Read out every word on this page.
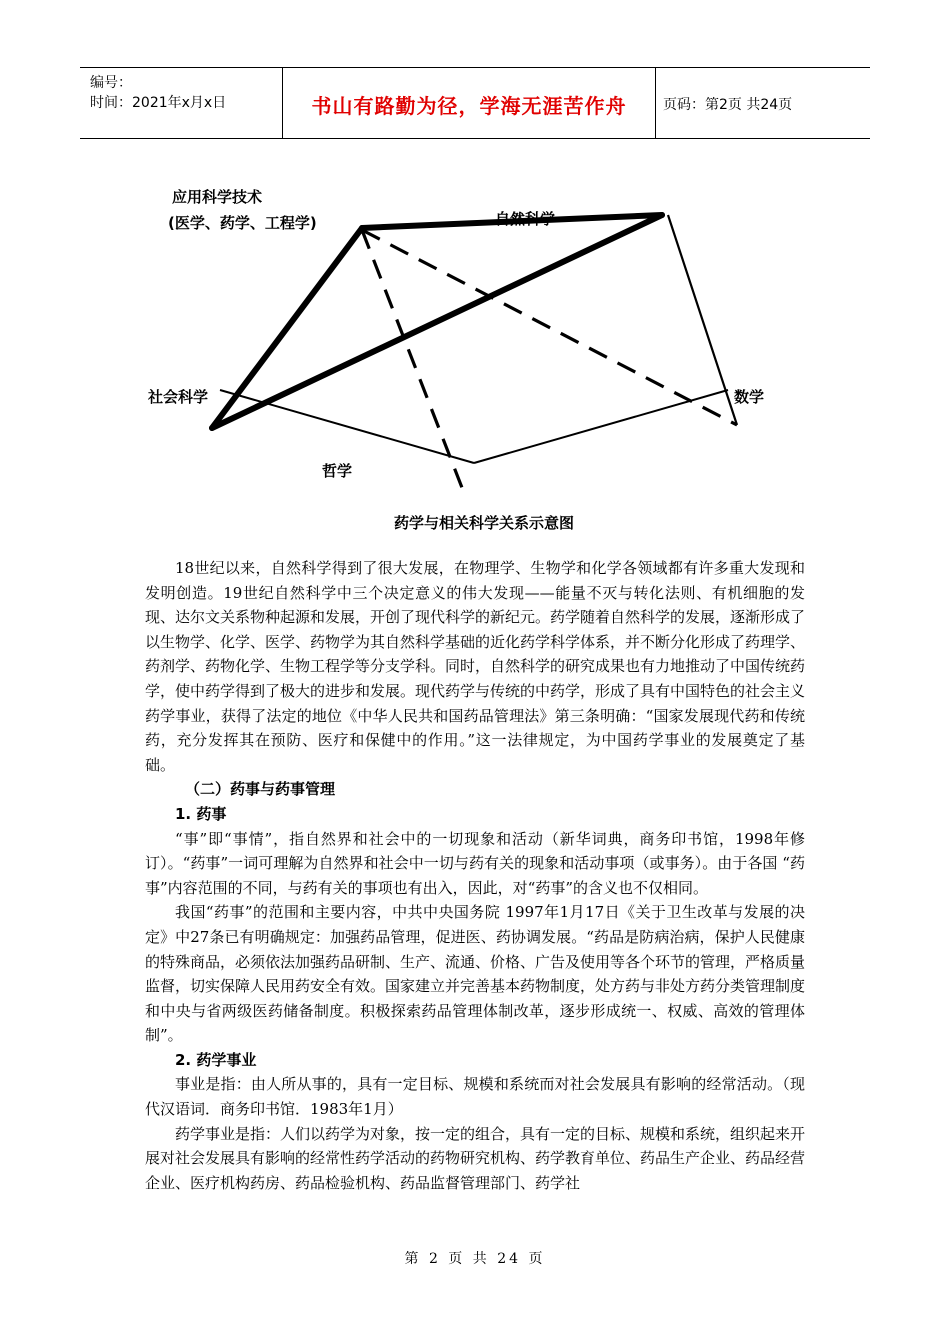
编号：
时间：2021年x月x日	书山有路勤为径，学海无涯苦作舟	页码：第2页 共24页
应用科学技术
(医学、药学、工程学)	自然科学
社会科学	数学
哲学
药学与相关科学关系示意图

18世纪以来，自然科学得到了很大发展，在物理学、生物学和化学各领域都有许多重大发现和发明创造。19世纪自然科学中三个决定意义的伟大发现——能量不灭与转化法则、有机细胞的发现、达尔文关系物种起源和发展，开创了现代科学的新纪元。药学随着自然科学的发展，逐渐形成了以生物学、化学、医学、药物学为其自然科学基础的近化药学科学体系，并不断分化形成了药理学、药剂学、药物化学、生物工程学等分支学科。同时，自然科学的研究成果也有力地推动了中国传统药学，使中药学得到了极大的进步和发展。现代药学与传统的中药学，形成了具有中国特色的社会主义药学事业，获得了法定的地位《中华人民共和国药品管理法》第三条明确：“国家发展现代药和传统药，充分发挥其在预防、医疗和保健中的作用。”这一法律规定，为中国药学事业的发展奠定了基础。

（二）药事与药事管理
1. 药事

“事”即“事情”，指自然界和社会中的一切现象和活动（新华词典，商务印书馆，1998年修订）。“药事”一词可理解为自然界和社会中一切与药有关的现象和活动事项（或事务）。由于各国 “药事”内容范围的不同，与药有关的事项也有出入，因此，对“药事”的含义也不仅相同。

我国“药事”的范围和主要内容，中共中央国务院 1997年1月17日《关于卫生改革与发展的决定》中27条已有明确规定：加强药品管理，促进医、药协调发展。“药品是防病治病，保护人民健康的特殊商品，必须依法加强药品研制、生产、流通、价格、广告及使用等各个环节的管理，严格质量监督，切实保障人民用药安全有效。国家建立并完善基本药物制度，处方药与非处方药分类管理制度和中央与省两级医药储备制度。积极探索药品管理体制改革，逐步形成统一、权威、高效的管理体制”。

2. 药学事业

事业是指：由人所从事的，具有一定目标、规模和系统而对社会发展具有影响的经常活动。（现代汉语词．商务印书馆．1983年1月）

药学事业是指：人们以药学为对象，按一定的组合，具有一定的目标、规模和系统，组织起来开展对社会发展具有影响的经常性药学活动的药物研究机构、药学教育单位、药品生产企业、药品经营企业、医疗机构药房、药品检验机构、药品监督管理部门、药学社

第 2 页 共 24 页
